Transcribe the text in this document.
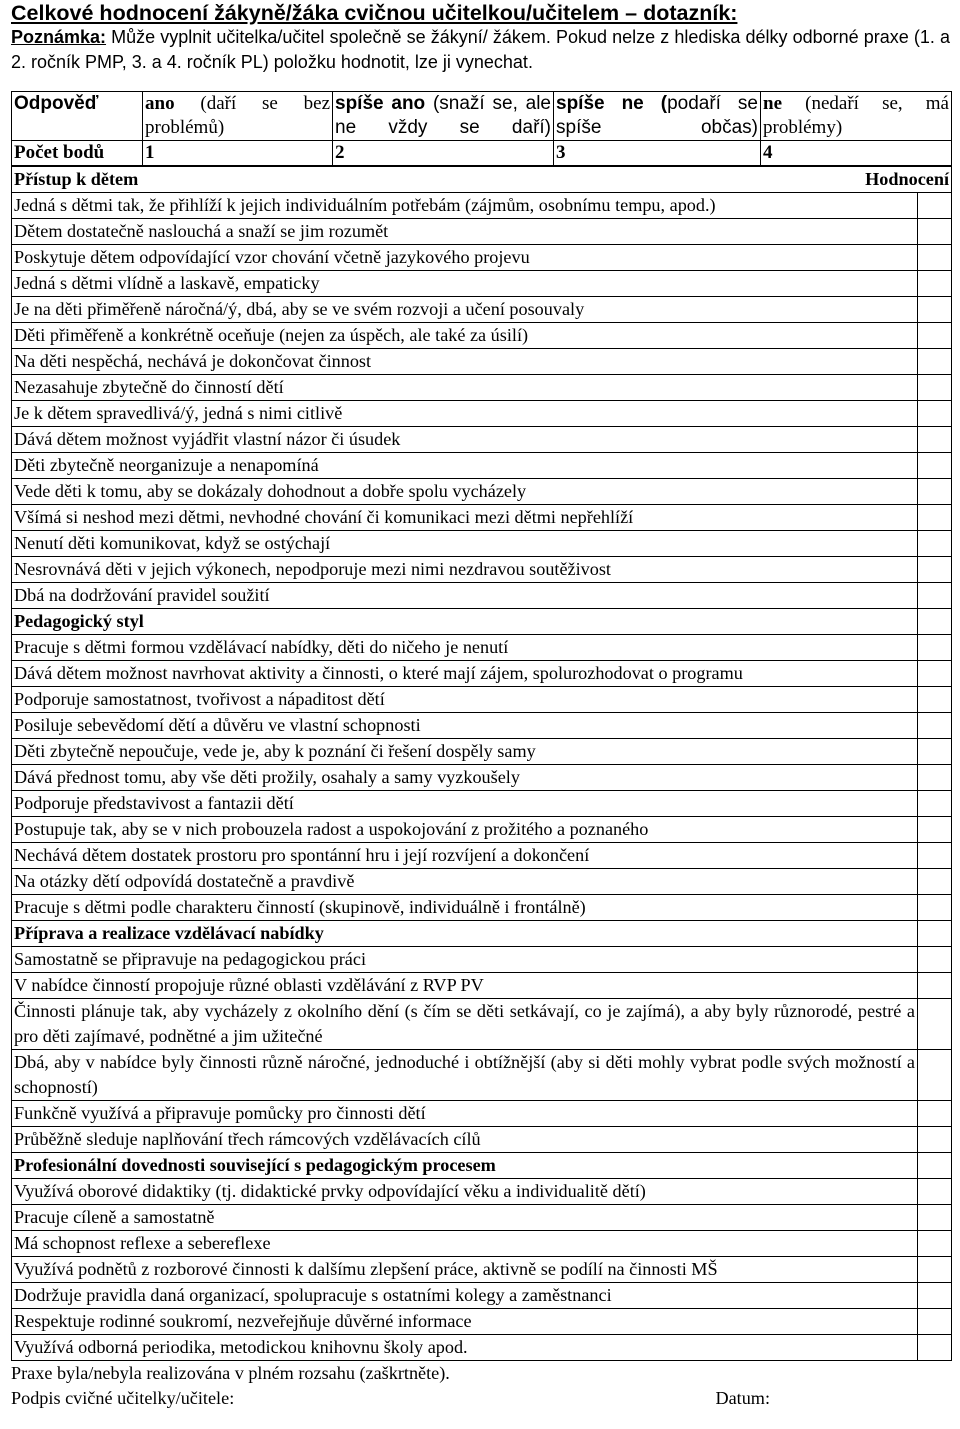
Celkové hodnocení žákyně/žáka cvičnou učitelkou/učitelem – dotazník:
Poznámka: Může vyplnit učitelka/učitel společně se žákyní/ žákem. Pokud nelze z hlediska délky odborné praxe (1. a 2. ročník PMP, 3. a 4. ročník PL) položku hodnotit, lze ji vynechat.
Odpověď	ano (daří se bez problémů)	spíše ano (snaží se, ale ne vždy se daří)	spíše ne (podaří se spíše občas)	ne (nedaří se, má problémy)
Počet bodů	1	2	3	4
Přístup k dětem Hodnocení	

Jedná s dětmi tak, že přihlíží k jejich individuálním potřebám (zájmům, osobnímu tempu, apod.)	
Dětem dostatečně naslouchá a snaží se jim rozumět	
Poskytuje dětem odpovídající vzor chování včetně jazykového projevu	
Jedná s dětmi vlídně a laskavě, empaticky	
Je na děti přiměřeně náročná/ý, dbá, aby se ve svém rozvoji a učení posouvaly	
Děti přiměřeně a konkrétně oceňuje (nejen za úspěch, ale také za úsilí)	
Na děti nespěchá, nechává je dokončovat činnost	
Nezasahuje zbytečně do činností dětí	
Je k dětem spravedlivá/ý, jedná s nimi citlivě	
Dává dětem možnost vyjádřit vlastní názor či úsudek	
Děti zbytečně neorganizuje a nenapomíná	
Vede děti k tomu, aby se dokázaly dohodnout a dobře spolu vycházely	
Všímá si neshod mezi dětmi, nevhodné chování či komunikaci mezi dětmi nepřehlíží	
Nenutí děti komunikovat, když se ostýchají	
Nesrovnává děti v jejich výkonech, nepodporuje mezi nimi nezdravou soutěživost	
Dbá na dodržování pravidel soužití	
Pedagogický styl	
Pracuje s dětmi formou vzdělávací nabídky, děti do ničeho je nenutí	
Dává dětem možnost navrhovat aktivity a činnosti, o které mají zájem, spolurozhodovat o programu	
Podporuje samostatnost, tvořivost a nápaditost dětí	
Posiluje sebevědomí dětí a důvěru ve vlastní schopnosti	
Děti zbytečně nepoučuje, vede je, aby k poznání či řešení dospěly samy	
Dává přednost tomu, aby vše děti prožily, osahaly a samy vyzkoušely	
Podporuje představivost a fantazii dětí	
Postupuje tak, aby se v nich probouzela radost a uspokojování z prožitého a poznaného	
Nechává dětem dostatek prostoru pro spontánní hru i její rozvíjení a dokončení	
Na otázky dětí odpovídá dostatečně a pravdivě	
Pracuje s dětmi podle charakteru činností (skupinově, individuálně i frontálně)	
Příprava a realizace vzdělávací nabídky	
Samostatně se připravuje na pedagogickou práci	
V nabídce činností propojuje různé oblasti vzdělávání z RVP PV	
Činnosti plánuje tak, aby vycházely z okolního dění (s čím se děti setkávají, co je zajímá), a aby byly různorodé, pestré a pro děti zajímavé, podnětné a jim užitečné	
Dbá, aby v nabídce byly činnosti různě náročné, jednoduché i obtížnější (aby si děti mohly vybrat podle svých možností a schopností)	
Funkčně využívá a připravuje pomůcky pro činnosti dětí	
Průběžně sleduje naplňování třech rámcových vzdělávacích cílů	
Profesionální dovednosti související s pedagogickým procesem	
Využívá oborové didaktiky (tj. didaktické prvky odpovídající věku a individualitě dětí)	
Pracuje cíleně a samostatně	
Má schopnost reflexe a sebereflexe	
Využívá podnětů z rozborové činnosti k dalšímu zlepšení práce, aktivně se podílí na činnosti MŠ	
Dodržuje pravidla daná organizací, spolupracuje s ostatními kolegy a zaměstnanci	
Respektuje rodinné soukromí, nezveřejňuje důvěrné informace	
Využívá odborná periodika, metodickou knihovnu školy apod.	
Praxe byla/nebyla realizována v plném rozsahu (zaškrtněte).
Podpis cvičné učitelky/učitele:	Datum:
